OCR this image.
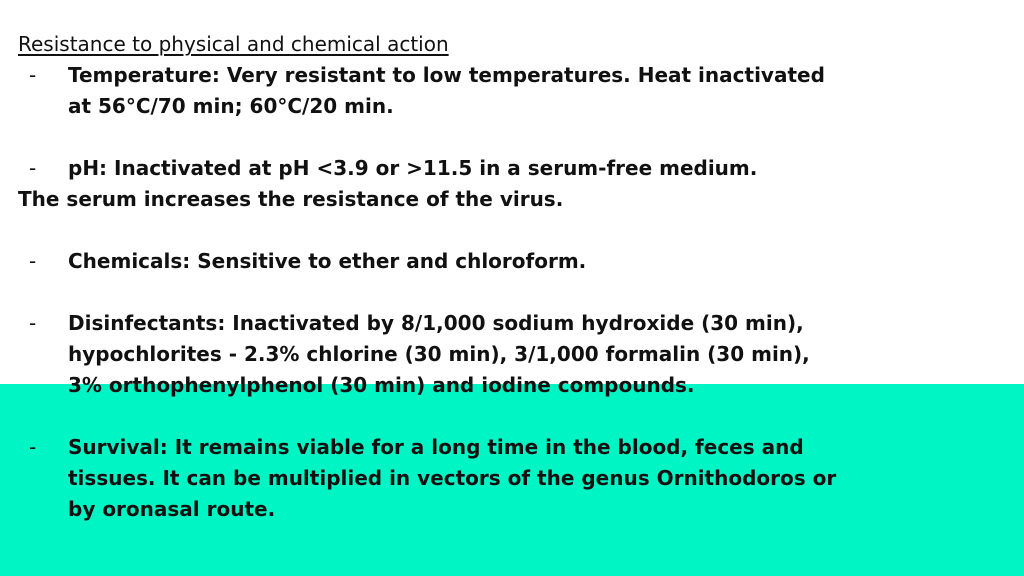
Resistance to physical and chemical action
- Temperature: Very resistant to low temperatures. Heat inactivated
at 56°C/70 min; 60°C/20 min.
- pH: Inactivated at pH <3.9 or >11.5 in a serum-free medium.
The serum increases the resistance of the virus.
- Chemicals: Sensitive to ether and chloroform.
- Disinfectants: Inactivated by 8/1,000 sodium hydroxide (30 min),
hypochlorites - 2.3% chlorine (30 min), 3/1,000 formalin (30 min),
3% orthophenylphenol (30 min) and iodine compounds.
- Survival: It remains viable for a long time in the blood, feces and
tissues. It can be multiplied in vectors of the genus Ornithodoros or
by oronasal route.
